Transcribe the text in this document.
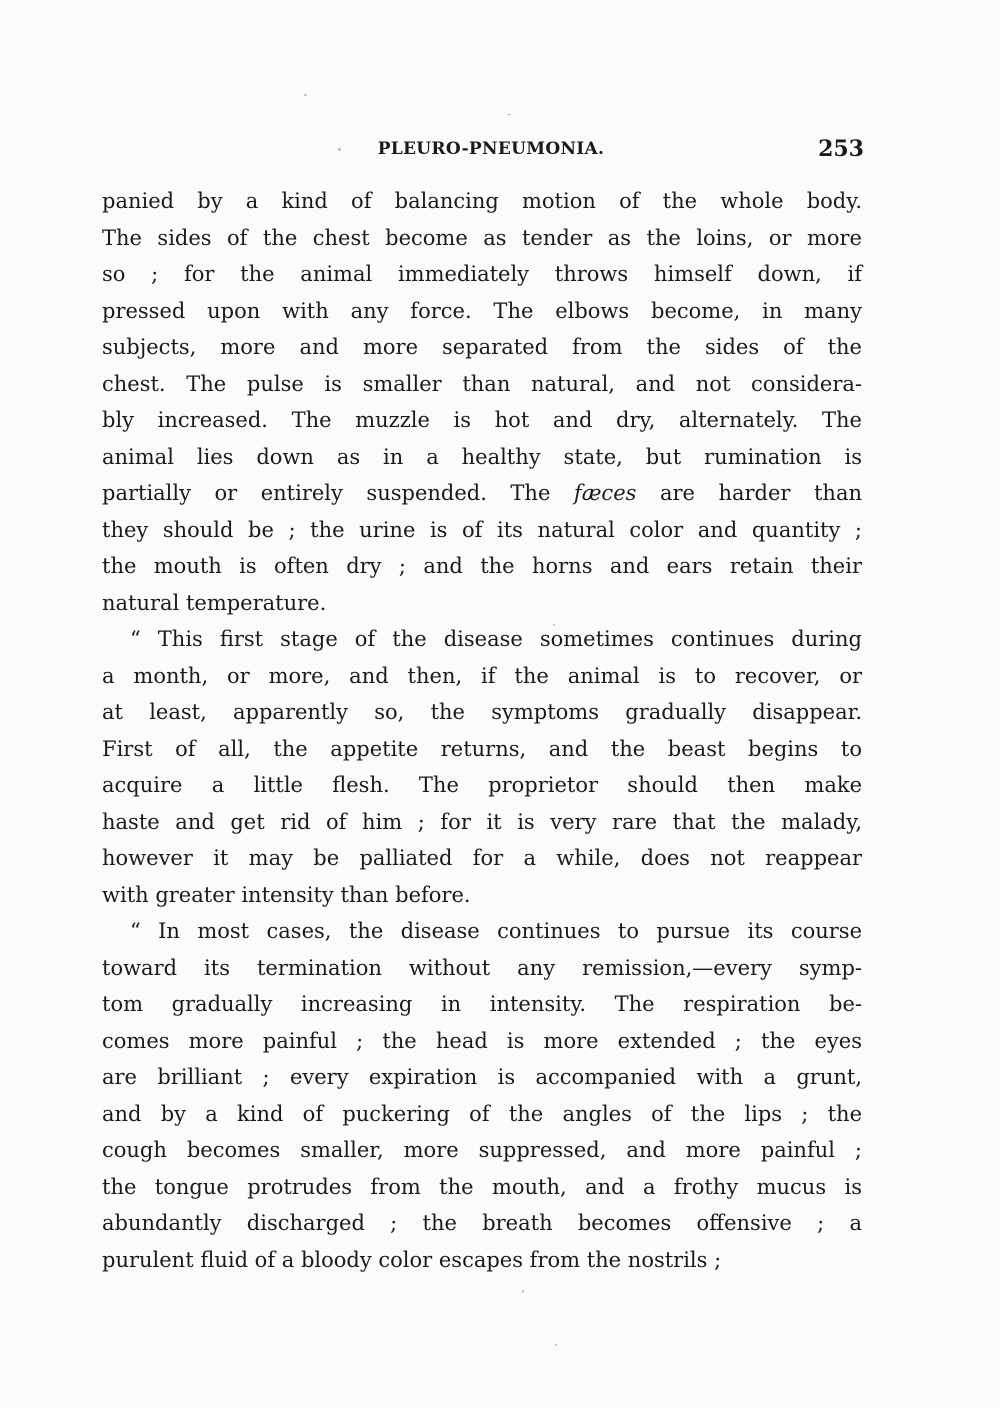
PLEURO-PNEUMONIA.	253
panied by a kind of balancing motion of the whole body.
The sides of the chest become as tender as the loins, or more
so ; for the animal immediately throws himself down, if
pressed upon with any force. The elbows become, in many
subjects, more and more separated from the sides of the
chest. The pulse is smaller than natural, and not considera-
bly increased. The muzzle is hot and dry, alternately. The
animal lies down as in a healthy state, but rumination is
partially or entirely suspended. The fæces are harder than
they should be ; the urine is of its natural color and quantity ;
the mouth is often dry ; and the horns and ears retain their
natural temperature.
“ This first stage of the disease sometimes continues during
a month, or more, and then, if the animal is to recover, or
at least, apparently so, the symptoms gradually disappear.
First of all, the appetite returns, and the beast begins to
acquire a little flesh. The proprietor should then make
haste and get rid of him ; for it is very rare that the malady,
however it may be palliated for a while, does not reappear
with greater intensity than before.
“ In most cases, the disease continues to pursue its course
toward its termination without any remission,—every symp-
tom gradually increasing in intensity. The respiration be-
comes more painful ; the head is more extended ; the eyes
are brilliant ; every expiration is accompanied with a grunt,
and by a kind of puckering of the angles of the lips ; the
cough becomes smaller, more suppressed, and more painful ;
the tongue protrudes from the mouth, and a frothy mucus is
abundantly discharged ; the breath becomes offensive ; a
purulent fluid of a bloody color escapes from the nostrils ;
